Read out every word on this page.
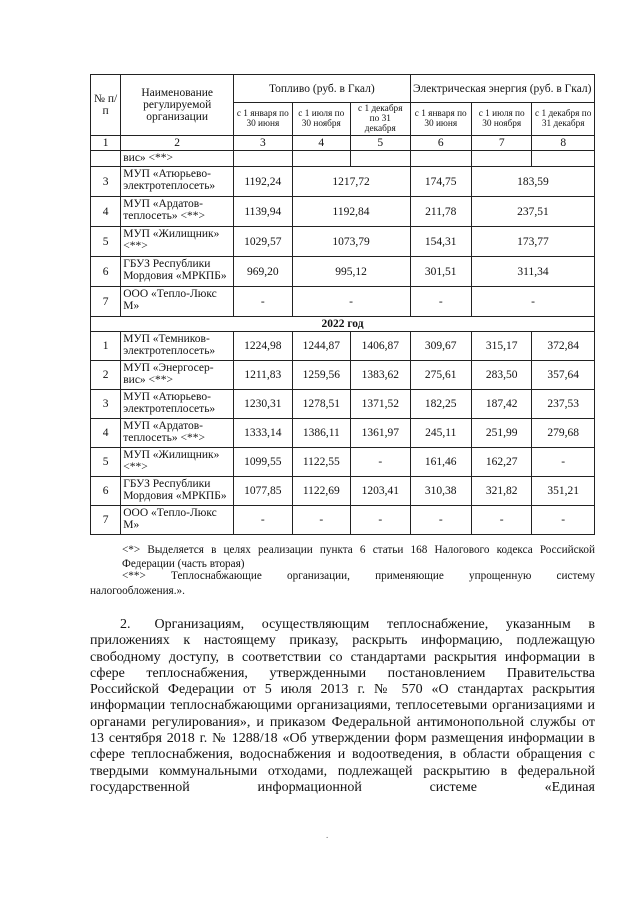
№ п/п	Наименование регулируемой организации	Топливо (руб. в Гкал)			Электрическая энергия (руб. в Гкал)		
		с 1 января по 30 июня	с 1 июля по 30 ноября	с 1 декабря по 31 декабря	с 1 января по 30 июня	с 1 июля по 30 ноября	с 1 декабря по 31 декабря
1	2	3	4	5	6	7	8
	вис» <**>						
3	МУП «Атюрьево-электротеплосеть»	1192,24	1217,72		174,75	183,59	
4	МУП «Ардатов-теплосеть» <**>	1139,94	1192,84		211,78	237,51	
5	МУП «Жилищник» <**>	1029,57	1073,79		154,31	173,77	
6	ГБУЗ Республики Мордовия «МРКПБ»	969,20	995,12		301,51	311,34	
7	ООО «Тепло-Люкс М»	-	-		-	-	
2022 год							
1	МУП «Темников-электротеплосеть»	1224,98	1244,87	1406,87	309,67	315,17	372,84
2	МУП «Энергосер-вис» <**>	1211,83	1259,56	1383,62	275,61	283,50	357,64
3	МУП «Атюрьево-электротеплосеть»	1230,31	1278,51	1371,52	182,25	187,42	237,53
4	МУП «Ардатов-теплосеть» <**>	1333,14	1386,11	1361,97	245,11	251,99	279,68
5	МУП «Жилищник» <**>	1099,55	1122,55	-	161,46	162,27	-
6	ГБУЗ Республики Мордовия «МРКПБ»	1077,85	1122,69	1203,41	310,38	321,82	351,21
7	ООО «Тепло-Люкс М»	-	-	-	-	-	-
<*> Выделяется в целях реализации пункта 6 статьи 168 Налогового кодекса Российской Федерации (часть вторая)
<**> Теплоснабжающие организации, применяющие упрощенную систему
налогообложения.».
2. Организациям, осуществляющим теплоснабжение, указанным в приложениях к настоящему приказу, раскрыть информацию, подлежащую свободному доступу, в соответствии со стандартами раскрытия информации в сфере теплоснабжения, утвержденными постановлением Правительства Российской Федерации от 5 июля 2013 г. № 570 «О стандартах раскрытия информации теплоснабжающими организациями, теплосетевыми организациями и органами регулирования», и приказом Федеральной антимонопольной службы от 13 сентября 2018 г. № 1288/18 «Об утверждении форм размещения информации в сфере теплоснабжения, водоснабжения и водоотведения, в области обращения с твердыми коммунальными отходами, подлежащей раскрытию в федеральной государственной информационной системе «Единая
.
